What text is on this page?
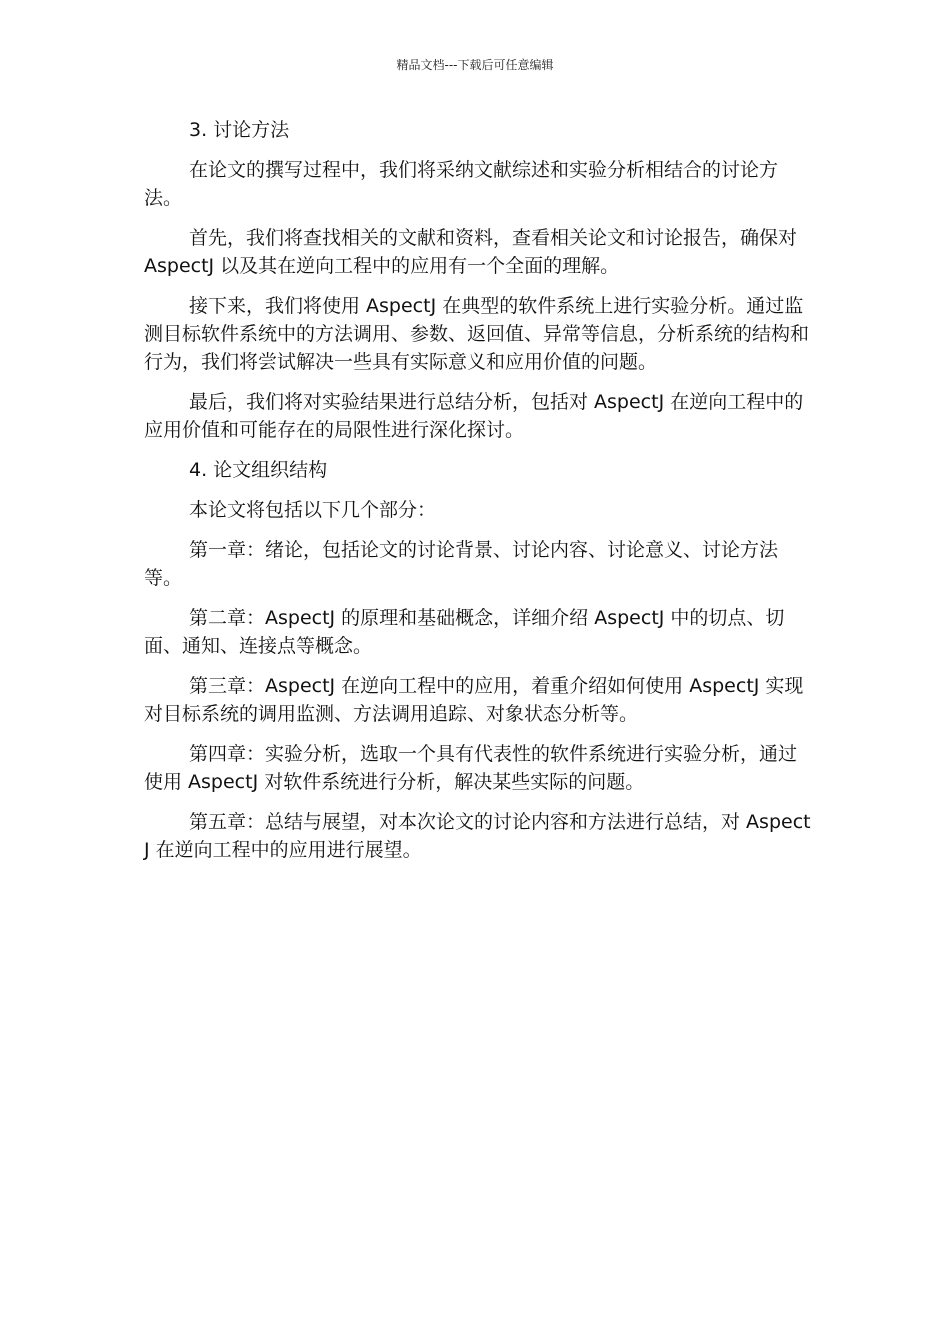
精品文档---下载后可任意编辑

3. 讨论方法

在论文的撰写过程中，我们将采纳文献综述和实验分析相结合的讨论方法。

首先，我们将查找相关的文献和资料，查看相关论文和讨论报告，确保对 AspectJ 以及其在逆向工程中的应用有一个全面的理解。

接下来，我们将使用 AspectJ 在典型的软件系统上进行实验分析。通过监测目标软件系统中的方法调用、参数、返回值、异常等信息，分析系统的结构和行为，我们将尝试解决一些具有实际意义和应用价值的问题。

最后，我们将对实验结果进行总结分析，包括对 AspectJ 在逆向工程中的应用价值和可能存在的局限性进行深化探讨。

4. 论文组织结构

本论文将包括以下几个部分：

第一章：绪论，包括论文的讨论背景、讨论内容、讨论意义、讨论方法等。

第二章：AspectJ 的原理和基础概念，详细介绍 AspectJ 中的切点、切面、通知、连接点等概念。

第三章：AspectJ 在逆向工程中的应用，着重介绍如何使用 AspectJ 实现对目标系统的调用监测、方法调用追踪、对象状态分析等。

第四章：实验分析，选取一个具有代表性的软件系统进行实验分析，通过使用 AspectJ 对软件系统进行分析，解决某些实际的问题。

第五章：总结与展望，对本次论文的讨论内容和方法进行总结，对 AspectJ 在逆向工程中的应用进行展望。
